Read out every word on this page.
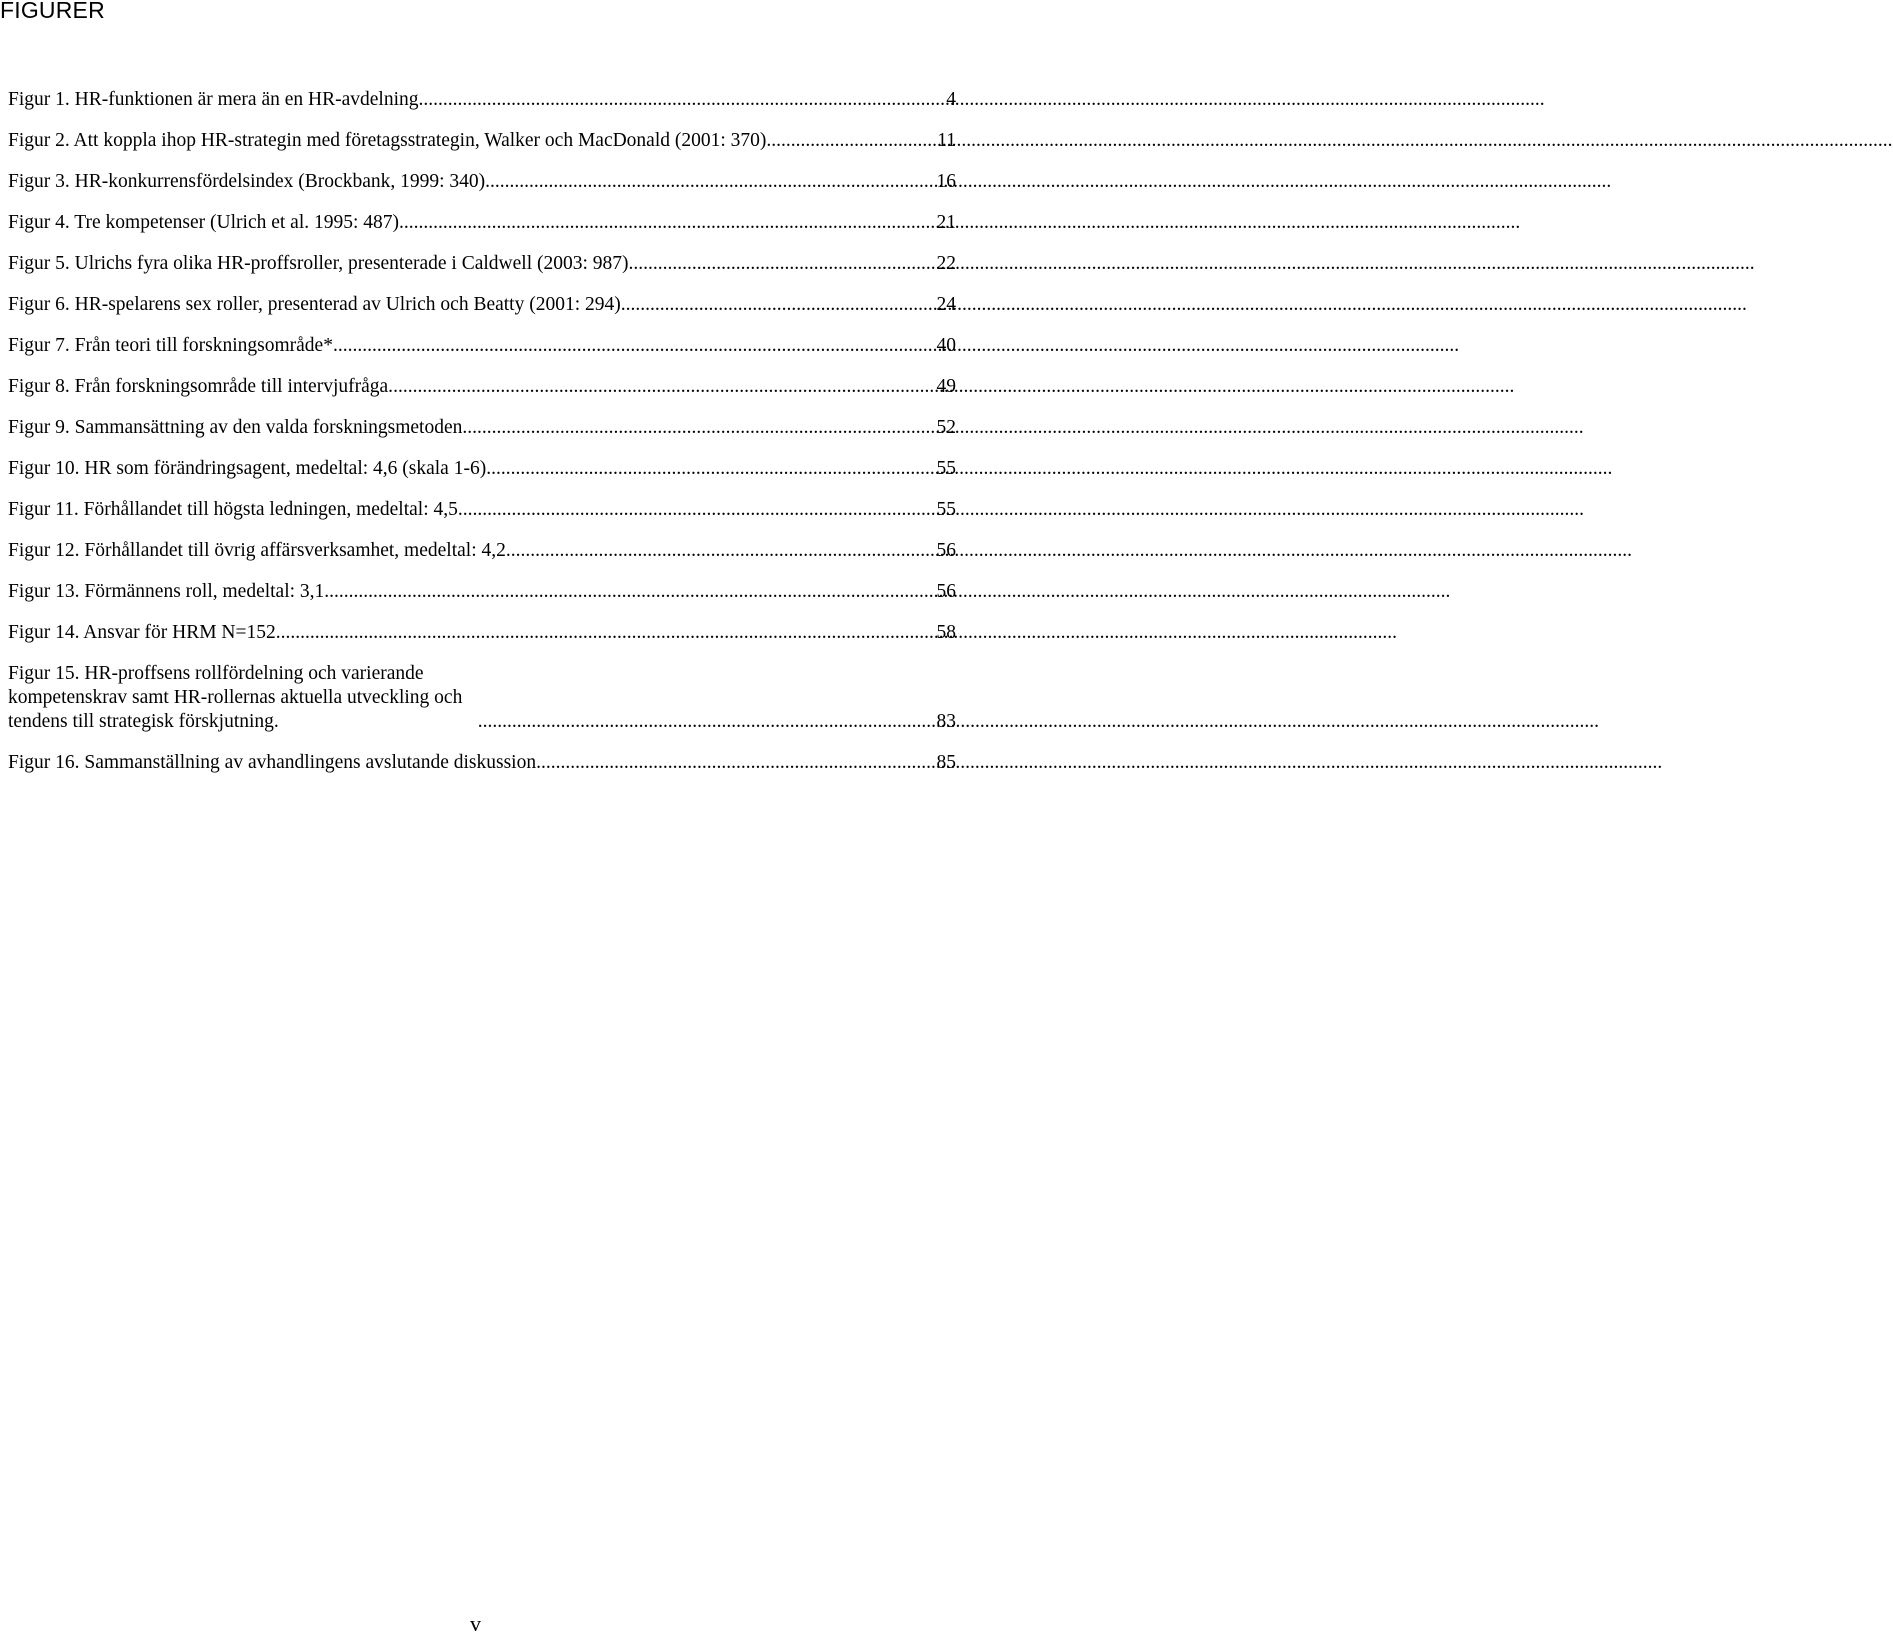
FIGURER
Figur 1. HR-funktionen är mera än en HR-avdelning. .....	4
Figur 2. Att koppla ihop HR-strategin med företagsstrategin, Walker och MacDonald (2001: 370). .....	11
Figur 3. HR-konkurrensfördelsindex (Brockbank, 1999: 340). .....	16
Figur 4. Tre kompetenser (Ulrich et al. 1995: 487) .....	21
Figur 5. Ulrichs fyra olika HR-proffsroller, presenterade i Caldwell (2003: 987). .....	22
Figur 6. HR-spelarens sex roller, presenterad av Ulrich och Beatty (2001: 294). .....	24
Figur 7. Från teori till forskningsområde*. .....	40
Figur 8. Från forskningsområde till intervjufråga. .....	49
Figur 9. Sammansättning av den valda forskningsmetoden .....	52
Figur 10. HR som förändringsagent, medeltal: 4,6 (skala 1-6). .....	55
Figur 11. Förhållandet till högsta ledningen, medeltal: 4,5. .....	55
Figur 12. Förhållandet till övrig affärsverksamhet, medeltal: 4,2. .....	56
Figur 13. Förmännens roll, medeltal: 3,1. .....	56
Figur 14. Ansvar för HRM N=152 .....	58
Figur 15. HR-proffsens rollfördelning och varierande kompetenskrav samt HR-rollernas aktuella utveckling och tendens till strategisk förskjutning. .....	83
Figur 16. Sammanställning av avhandlingens avslutande diskussion. .....	85
v
